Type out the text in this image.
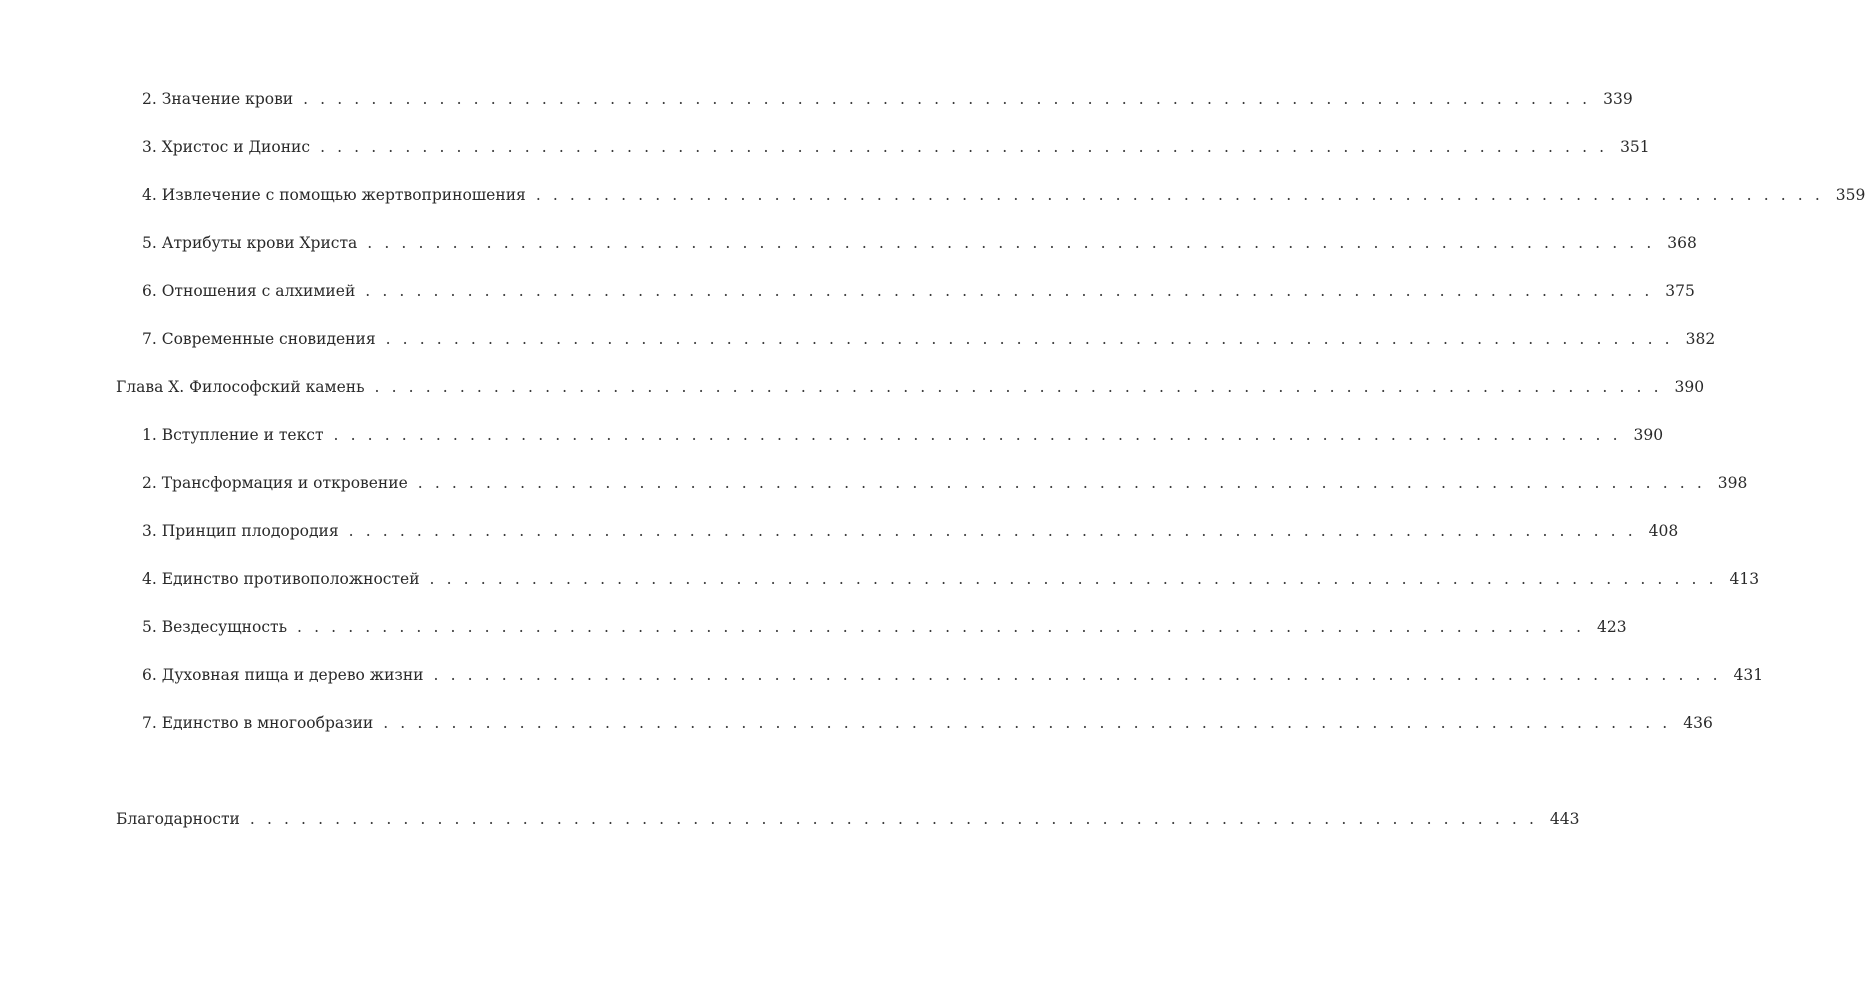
2. Значение крови . . . . . . . . . . . . . . . . . . . . . . . . . . . . . . . . . . . . . . . . . . . . . . . . . . . . . . . . . . . . . . . . . . . . . . . . . . . . 339
3. Христос и Дионис . . . . . . . . . . . . . . . . . . . . . . . . . . . . . . . . . . . . . . . . . . . . . . . . . . . . . . . . . . . . . . . . . . . . . . . . . . . . 351
4. Извлечение с помощью жертвоприношения . . . . . . . . . . . . . . . . . . . . . . . . . . . . . . . . . . . . . . . . . . . . . . . . . . . . . . . . . . . . . . . . . . . . . . . . . . . . 359
5. Атрибуты крови Христа . . . . . . . . . . . . . . . . . . . . . . . . . . . . . . . . . . . . . . . . . . . . . . . . . . . . . . . . . . . . . . . . . . . . . . . . . . . . 368
6. Отношения с алхимией . . . . . . . . . . . . . . . . . . . . . . . . . . . . . . . . . . . . . . . . . . . . . . . . . . . . . . . . . . . . . . . . . . . . . . . . . . . . 375
7. Современные сновидения . . . . . . . . . . . . . . . . . . . . . . . . . . . . . . . . . . . . . . . . . . . . . . . . . . . . . . . . . . . . . . . . . . . . . . . . . . . . 382
Глава X. Философский камень . . . . . . . . . . . . . . . . . . . . . . . . . . . . . . . . . . . . . . . . . . . . . . . . . . . . . . . . . . . . . . . . . . . . . . . . . . . . 390
1. Вступление и текст . . . . . . . . . . . . . . . . . . . . . . . . . . . . . . . . . . . . . . . . . . . . . . . . . . . . . . . . . . . . . . . . . . . . . . . . . . . . 390
2. Трансформация и откровение . . . . . . . . . . . . . . . . . . . . . . . . . . . . . . . . . . . . . . . . . . . . . . . . . . . . . . . . . . . . . . . . . . . . . . . . . . . . 398
3. Принцип плодородия . . . . . . . . . . . . . . . . . . . . . . . . . . . . . . . . . . . . . . . . . . . . . . . . . . . . . . . . . . . . . . . . . . . . . . . . . . . . 408
4. Единство противоположностей . . . . . . . . . . . . . . . . . . . . . . . . . . . . . . . . . . . . . . . . . . . . . . . . . . . . . . . . . . . . . . . . . . . . . . . . . . . . 413
5. Вездесущность . . . . . . . . . . . . . . . . . . . . . . . . . . . . . . . . . . . . . . . . . . . . . . . . . . . . . . . . . . . . . . . . . . . . . . . . . . . . 423
6. Духовная пища и дерево жизни . . . . . . . . . . . . . . . . . . . . . . . . . . . . . . . . . . . . . . . . . . . . . . . . . . . . . . . . . . . . . . . . . . . . . . . . . . . . 431
7. Единство в многообразии . . . . . . . . . . . . . . . . . . . . . . . . . . . . . . . . . . . . . . . . . . . . . . . . . . . . . . . . . . . . . . . . . . . . . . . . . . . . 436
Благодарности . . . . . . . . . . . . . . . . . . . . . . . . . . . . . . . . . . . . . . . . . . . . . . . . . . . . . . . . . . . . . . . . . . . . . . . . . . . . 443
